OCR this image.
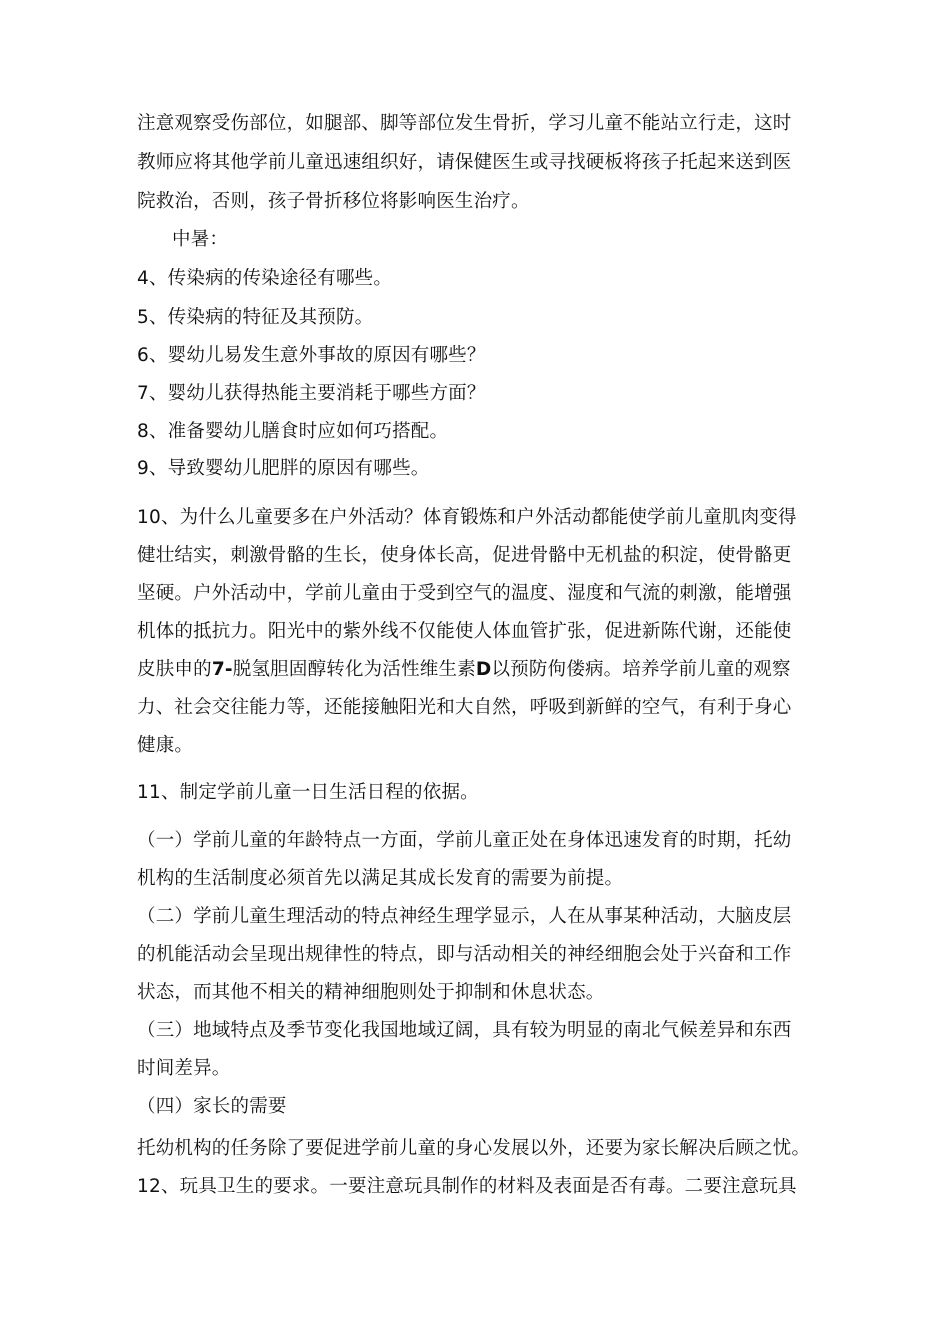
注意观察受伤部位，如腿部、脚等部位发生骨折，学习儿童不能站立行走，这时

教师应将其他学前儿童迅速组织好，请保健医生或寻找硬板将孩子托起来送到医

院救治，否则，孩子骨折移位将影响医生治疗。

中暑：

4、传染病的传染途径有哪些。

5、传染病的特征及其预防。

6、婴幼儿易发生意外事故的原因有哪些？

7、婴幼儿获得热能主要消耗于哪些方面？

8、准备婴幼儿膳食时应如何巧搭配。

9、导致婴幼儿肥胖的原因有哪些。

10、为什么儿童要多在户外活动？体育锻炼和户外活动都能使学前儿童肌肉变得

健壮结实，刺激骨骼的生长，使身体长高，促进骨骼中无机盐的积淀，使骨骼更

坚硬。户外活动中，学前儿童由于受到空气的温度、湿度和气流的刺激，能增强

机体的抵抗力。阳光中的紫外线不仅能使人体血管扩张，促进新陈代谢，还能使

皮肤申的7-脱氢胆固醇转化为活性维生素D以预防佝偻病。培养学前儿童的观察

力、社会交往能力等，还能接触阳光和大自然，呼吸到新鲜的空气，有利于身心

健康。

11、制定学前儿童一日生活日程的依据。

（一）学前儿童的年龄特点一方面，学前儿童正处在身体迅速发育的时期，托幼

机构的生活制度必须首先以满足其成长发育的需要为前提。

（二）学前儿童生理活动的特点神经生理学显示，人在从事某种活动，大脑皮层

的机能活动会呈现出规律性的特点，即与活动相关的神经细胞会处于兴奋和工作

状态，而其他不相关的精神细胞则处于抑制和休息状态。

（三）地域特点及季节变化我国地域辽阔，具有较为明显的南北气候差异和东西

时间差异。

（四）家长的需要

托幼机构的任务除了要促进学前儿童的身心发展以外，还要为家长解决后顾之忧。

12、玩具卫生的要求。一要注意玩具制作的材料及表面是否有毒。二要注意玩具
